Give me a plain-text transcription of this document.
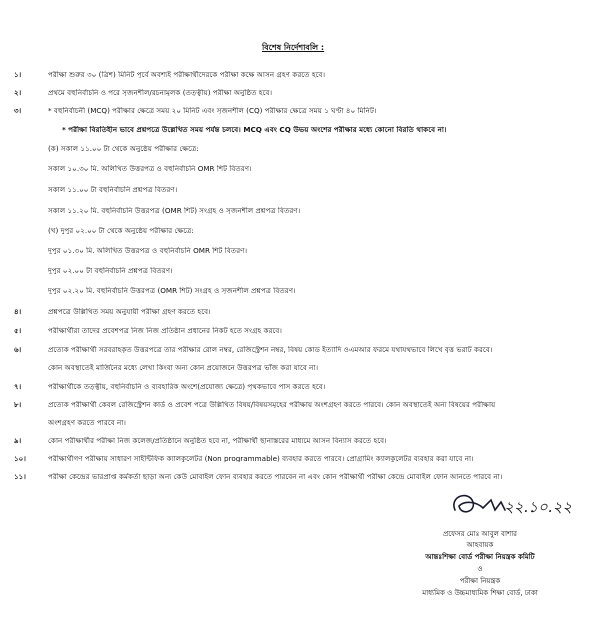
বিশেষ নির্দেশাবলি :
১।	পরীক্ষা শুরুর ৩০ (ত্রিশ) মিনিট পূর্বে অবশ্যই পরীক্ষার্থীদেরকে পরীক্ষা কক্ষে আসন গ্রহণ করতে হবে।
২।	প্রথমে বহুনির্বাচনি ও পরে সৃজনশীল/রচনামূলক (তত্ত্বীয়) পরীক্ষা অনুষ্ঠিত হবে।
৩।	* বহুনির্বাচনী (MCQ) পরীক্ষার ক্ষেত্রে সময় ২০ মিনিট এবং সৃজনশীল (CQ) পরীক্ষার ক্ষেত্রে সময় ১ ঘণ্টা ৪০ মিনিট।
* পরীক্ষা বিরতিহীন ভাবে প্রশ্নপত্রে উল্লেখিত সময় পর্যন্ত চলবে। MCQ এবং CQ উভয় অংশের পরীক্ষার মধ্যে কোনো বিরতি থাকবে না।
(ক) সকাল ১১.০০ টা থেকে অনুষ্ঠেয় পরীক্ষার ক্ষেত্রে:
সকাল ১০.৩০ মি. অলিখিত উত্তরপত্র ও বহুনির্বাচনি OMR শিট বিতরণ।
সকাল ১১.০০ টা বহুনির্বাচনি প্রশ্নপত্র বিতরণ।
সকাল ১১.২০ মি. বহুনির্বাচনি উত্তরপত্র (OMR শিট) সংগ্রহ ও সৃজনশীল প্রশ্নপত্র বিতরণ।
(খ) দুপুর ০২.০০ টা থেকে অনুষ্ঠেয় পরীক্ষার ক্ষেত্রে:
দুপুর ০১.৩০ মি. অলিখিত উত্তরপত্র ও বহুনির্বাচনি OMR শিট বিতরণ।
দুপুর ০২.০০ টা বহুনির্বাচনি প্রশ্নপত্র বিতরণ।
দুপুর ০২.২০ মি. বহুনির্বাচনি উত্তরপত্র (OMR শিট) সংগ্রহ ও সৃজনশীল প্রশ্নপত্র বিতরণ।
৪।	প্রশ্নপত্রে উল্লিখিত সময় অনুযায়ী পরীক্ষা গ্রহণ করতে হবে।
৫।	পরীক্ষার্থীরা তাদের প্রবেশপত্র নিজ নিজ প্রতিষ্ঠান প্রধানের নিকট হতে সংগ্রহ করবে।
৬।	প্রত্যেক পরীক্ষার্থী সরবরাহকৃত উত্তরপত্রে তার পরীক্ষার রোল নম্বর, রেজিস্ট্রেশন নম্বর, বিষয় কোড ইত্যাদি ওএমআর ফরমে যথাযথভাবে লিখে বৃত্ত ভরাট করবে।
কোন অবস্থাতেই মার্জিনের মধ্যে লেখা কিংবা অন্য কোন প্রয়োজনে উত্তরপত্র ভাঁজ করা যাবে না।
৭।	পরীক্ষার্থীকে তত্ত্বীয়, বহুনির্বাচনি ও ব্যবহারিক অংশে(প্রযোজ্য ক্ষেত্রে) পৃথকভাবে পাস করতে হবে।
৮।	প্রত্যেক পরীক্ষার্থী কেবল রেজিস্ট্রেশন কার্ড ও প্রবেশ পত্রে উল্লিখিত বিষয়/বিষয়সমূহের পরীক্ষায় অংশগ্রহণ করতে পারবে। কোন অবস্থাতেই অন্য বিষয়ের পরীক্ষায়
অংশগ্রহণ করতে পারবে না।
৯।	কোন পরীক্ষার্থীর পরীক্ষা নিজ কলেজ/প্রতিষ্ঠানে অনুষ্ঠিত হবে না, পরীক্ষার্থী ছানাস্তরের মাধ্যমে আসন বিন্যাস করতে হবে।
১০।	পরীক্ষার্থীগণ পরীক্ষায় সাধারণ সাইন্টিফিক ক্যালকুলেটর (Non programmable) ব্যবহার করতে পারবে। প্রোগ্রামিং ক্যালকুলেটর ব্যবহার করা যাবে না।
১১।	পরীক্ষা কেন্দ্রের ভারপ্রাপ্ত কর্মকর্তা ছাড়া অন্য কেউ মোবাইল ফোন ব্যবহার করতে পারবেন না এবং কোন পরীক্ষার্থী পরীক্ষা কেন্দ্রে মোবাইল ফোন আনতে পারবে না।
২২.১০.২২
প্রফেসর মোঃ আবুল বাশার
আহবায়ক
আন্তঃশিক্ষা বোর্ড পরীক্ষা নিয়ন্ত্রক কমিটি
ও
পরীক্ষা নিয়ন্ত্রক
মাধ্যমিক ও উচ্চমাধ্যমিক শিক্ষা বোর্ড, ঢাকা
